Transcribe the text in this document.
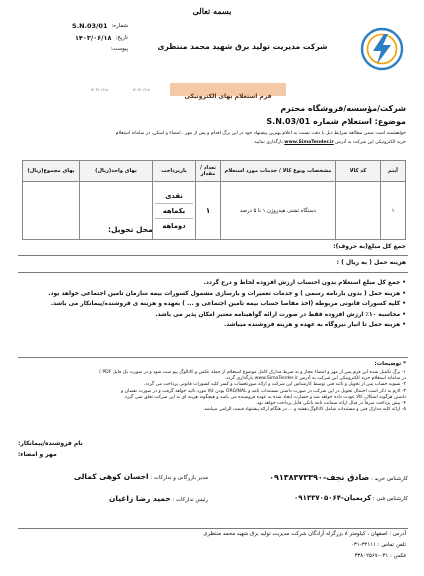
بسمه تعالی
شماره:
S.N.03/01
تاریخ:
۱۴۰۳/۰۶/۱۸
پیوست:	شرکت مدیریت تولید برق شهید محمد منتظری
فرم استعلام بهای الکترونیکی
۱۴۰۳/۰۶/۱۸	۱۴۰۳/۰۶/۱۸
شرکت/مؤسسه/فروشگاه محترم
موضوع: استعلام شماره
S.N.03/01
خواهشمند است ضمن مطالعه شرایط ذیل با دقت نسبت به اعلام بهترین پیشنهاد خود در این برگ اقدام و پس از مهر ، امضاء و اسکن، در سامانه استعلام
خرید الکترونیکی این شرکت به آدرس www.SimaTender.ir بارگذاری نمایید .
آیتم	کد کالا	مشخصات ونوع کالا / خدمات مورد استعلام	تعداد / مقدار	بازپرداخت	بهای واحد(ریال)	بهای مجموع(ریال)
۱		دستگاه تشتی هیدروژن ۱ تا ۵ درصد	۱	نقدی
یکماهه
دوماهه		

محل تحویل:
جمع کل مبلغ(به حروف):
هزینه حمل ( به ریال ) :

• جمع کل مبلغ استعلام بدون احتساب ارزش افزوده لحاظ و درج گردد.

• هزینه حمل ( بدون بارنامه رسمی ) و خدمات تعمیرات و بازسازی مشمول کسورات بیمه سازمان تامین اجتماعی خواهد بود.

• کلیه کسورات قانونی مربوطه (اخذ مفاصا حساب بیمه تامین اجتماعی و ... ) بعهده و هزینه ی فروشنده/پیمانکار می باشد.

• محاسبه ۱۰٪ ارزش افزوده فقط در صورت ارائه گواهینامه معتبر امکان پذیر می باشد.

• هزینه حمل تا انبار نیروگاه به عهده و هزینه فروشنده میباشد.

* توضیحات:
۱- برگ تکمیل شده این فرم پس از مهر و امضاء مجاز و به شرط مدارک کامل موضوع استعلام از جمله عکس و کاتالوگ پیو ست شود و در صورت یک فایل PDF )
در سامانه استعلام خرید الکترونیکی این شرکت به آدرس www.SimaTender.ir بارگذاری گردد.
۲- تسویه حساب پس از تحویل و تائید فنی توسط کارشناس این شرکت و ارائه صورتحساب و کسر کلیه کسورات قانونی پرداخت می گردد.
۳- لازم به ذکر است احتمال تحویل در این شرکت در صورت داشتن مستندات نامه و ORGINAL بودن کالا مورد تائید خواهد گرفت و در صورت نقصان و
داشتن هرگونه اشکال، کالا عودت داده خواهد شد و خسارت ایجاد شده به عهده فروشنده می باشد و هیچگونه هزینه ای به این شرکت تعلق نمی گیرد.
۴- پیش پرداخت صرفاً در قبال ارائه ضمانت نامه بانکی قابل پرداخت خواهد بود.
۵- ارائه کلیه مدارک فنی و مستندات شامل کاتالوگ،نقشه و ... در هنگام ارائه پیشنهاد قیمت الزامی میباشد.
نام فروشنده/پیمانکار:
مهر و امضاء:
کارشناس خرید : صادق نجف-۰۹۱۳۸۳۷۳۳۹۰
کارشناس فنی : کریمیان-۰۹۱۳۳۷۰۵۰۶۴
مدیر بازرگانی و تدارکات : احسان کوهی کمالی
رئیس تدارکات : حمید رضا زاغیان
آدرس : اصفهان ، کیلومتر ۸ بزرگراه آزادگان شرکت مدیریت تولید برق شهید محمد منتظری
تلفن تماس : ۳۴۱۱۱-۰۳۱
فکس : ۰۳۱-۳۳۸۰۲۵۶۷
